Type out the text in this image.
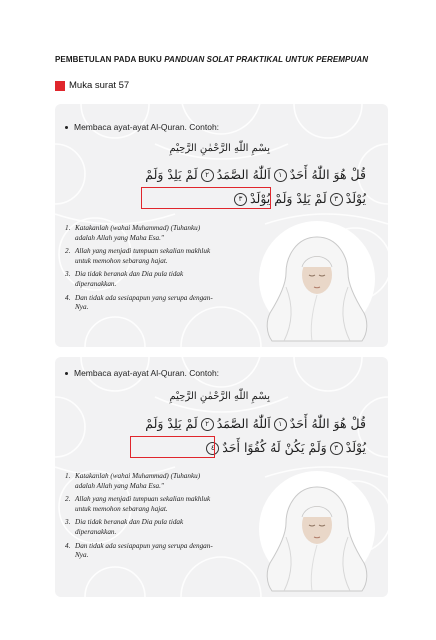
PEMBETULAN PADA BUKU PANDUAN SOLAT PRAKTIKAL UNTUK PEREMPUAN
Muka surat 57
Membaca ayat-ayat Al-Quran. Contoh:
بِسْمِ اللّٰهِ الرَّحْمٰنِ الرَّحِيْمِ
قُلْ هُوَ اللّٰهُ أَحَدٌ١اَللّٰهُ الصَّمَدُ٢لَمْ يَلِدْ وَلَمْ
يُوْلَدْ٣لَمْ يَلِدْ وَلَمْ يُوْلَدْ٣
1. Katakanlah (wahai Muhammad) (Tuhanku) adalah Allah yang Maha Esa."
2. Allah yang menjadi tumpuan sekalian makhluk untuk memohon sebarang hajat.
3. Dia tidak beranak dan Dia pula tidak diperanakkan.
4. Dan tidak ada sesiapapun yang serupa dengan-Nya.
Membaca ayat-ayat Al-Quran. Contoh:
بِسْمِ اللّٰهِ الرَّحْمٰنِ الرَّحِيْمِ
قُلْ هُوَ اللّٰهُ أَحَدٌ١اَللّٰهُ الصَّمَدُ٢لَمْ يَلِدْ وَلَمْ
يُوْلَدْ٣وَلَمْ يَكُنْ لَهُ كُفُوًا أَحَدٌ٤
1. Katakanlah (wahai Muhammad) (Tuhanku) adalah Allah yang Maha Esa."
2. Allah yang menjadi tumpuan sekalian makhluk untuk memohon sebarang hajat.
3. Dia tidak beranak dan Dia pula tidak diperanakkan.
4. Dan tidak ada sesiapapun yang serupa dengan-Nya.
